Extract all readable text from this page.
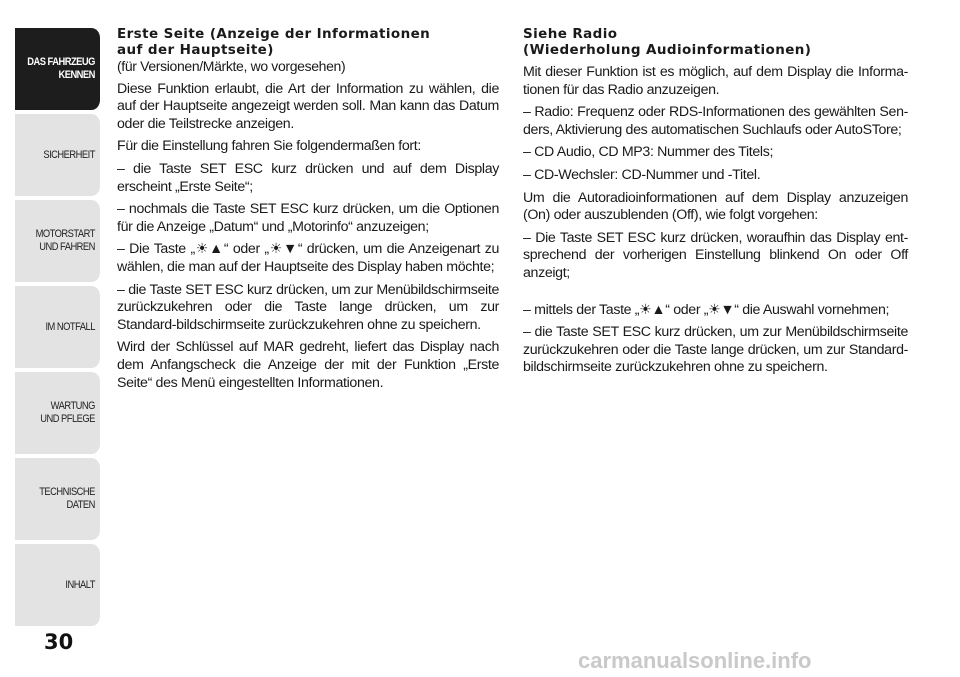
DAS FAHRZEUG
KENNEN
SICHERHEIT
MOTORSTART
UND FAHREN
IM NOTFALL
WARTUNG
UND PFLEGE
TECHNISCHE
DATEN
INHALT
30
Erste Seite (Anzeige der Informationen
auf der Hauptseite)

(für Versionen/Märkte, wo vorgesehen)

Diese Funktion erlaubt, die Art der Information zu wählen, die auf der Hauptseite angezeigt werden soll. Man kann das Datum oder die Teilstrecke anzeigen.

Für die Einstellung fahren Sie folgendermaßen fort:

– die Taste SET ESC kurz drücken und auf dem Display erscheint „Erste Seite“;

– nochmals die Taste SET ESC kurz drücken, um die Optionen für die Anzeige „Datum“ und „Motorinfo“ anzuzeigen;

– Die Taste „☀▲“ oder „☀▼“ drücken, um die Anzeigenart zu wählen, die man auf der Hauptseite des Display haben möchte;

– die Taste SET ESC kurz drücken, um zur Menübildschirmseite zurückzukehren oder die Taste lange drücken, um zur Standard-bildschirmseite zurückzukehren ohne zu speichern.

Wird der Schlüssel auf MAR gedreht, liefert das Display nach dem Anfangscheck die Anzeige der mit der Funktion „Erste Seite“ des Menü eingestellten Informationen.

Siehe Radio
(Wiederholung Audioinformationen)

Mit dieser Funktion ist es möglich, auf dem Display die Informa-tionen für das Radio anzuzeigen.

– Radio: Frequenz oder RDS-Informationen des gewählten Sen-ders, Aktivierung des automatischen Suchlaufs oder AutoSTore;

– CD Audio, CD MP3: Nummer des Titels;

– CD-Wechsler: CD-Nummer und -Titel.

Um die Autoradioinformationen auf dem Display anzuzeigen (On) oder auszublenden (Off), wie folgt vorgehen:

– Die Taste SET ESC kurz drücken, woraufhin das Display ent-sprechend der vorherigen Einstellung blinkend On oder Off anzeigt;

– mittels der Taste „☀▲“ oder „☀▼“ die Auswahl vornehmen;

– die Taste SET ESC kurz drücken, um zur Menübildschirmseite zurückzukehren oder die Taste lange drücken, um zur Standard-bildschirmseite zurückzukehren ohne zu speichern.

carmanualsonline.info
